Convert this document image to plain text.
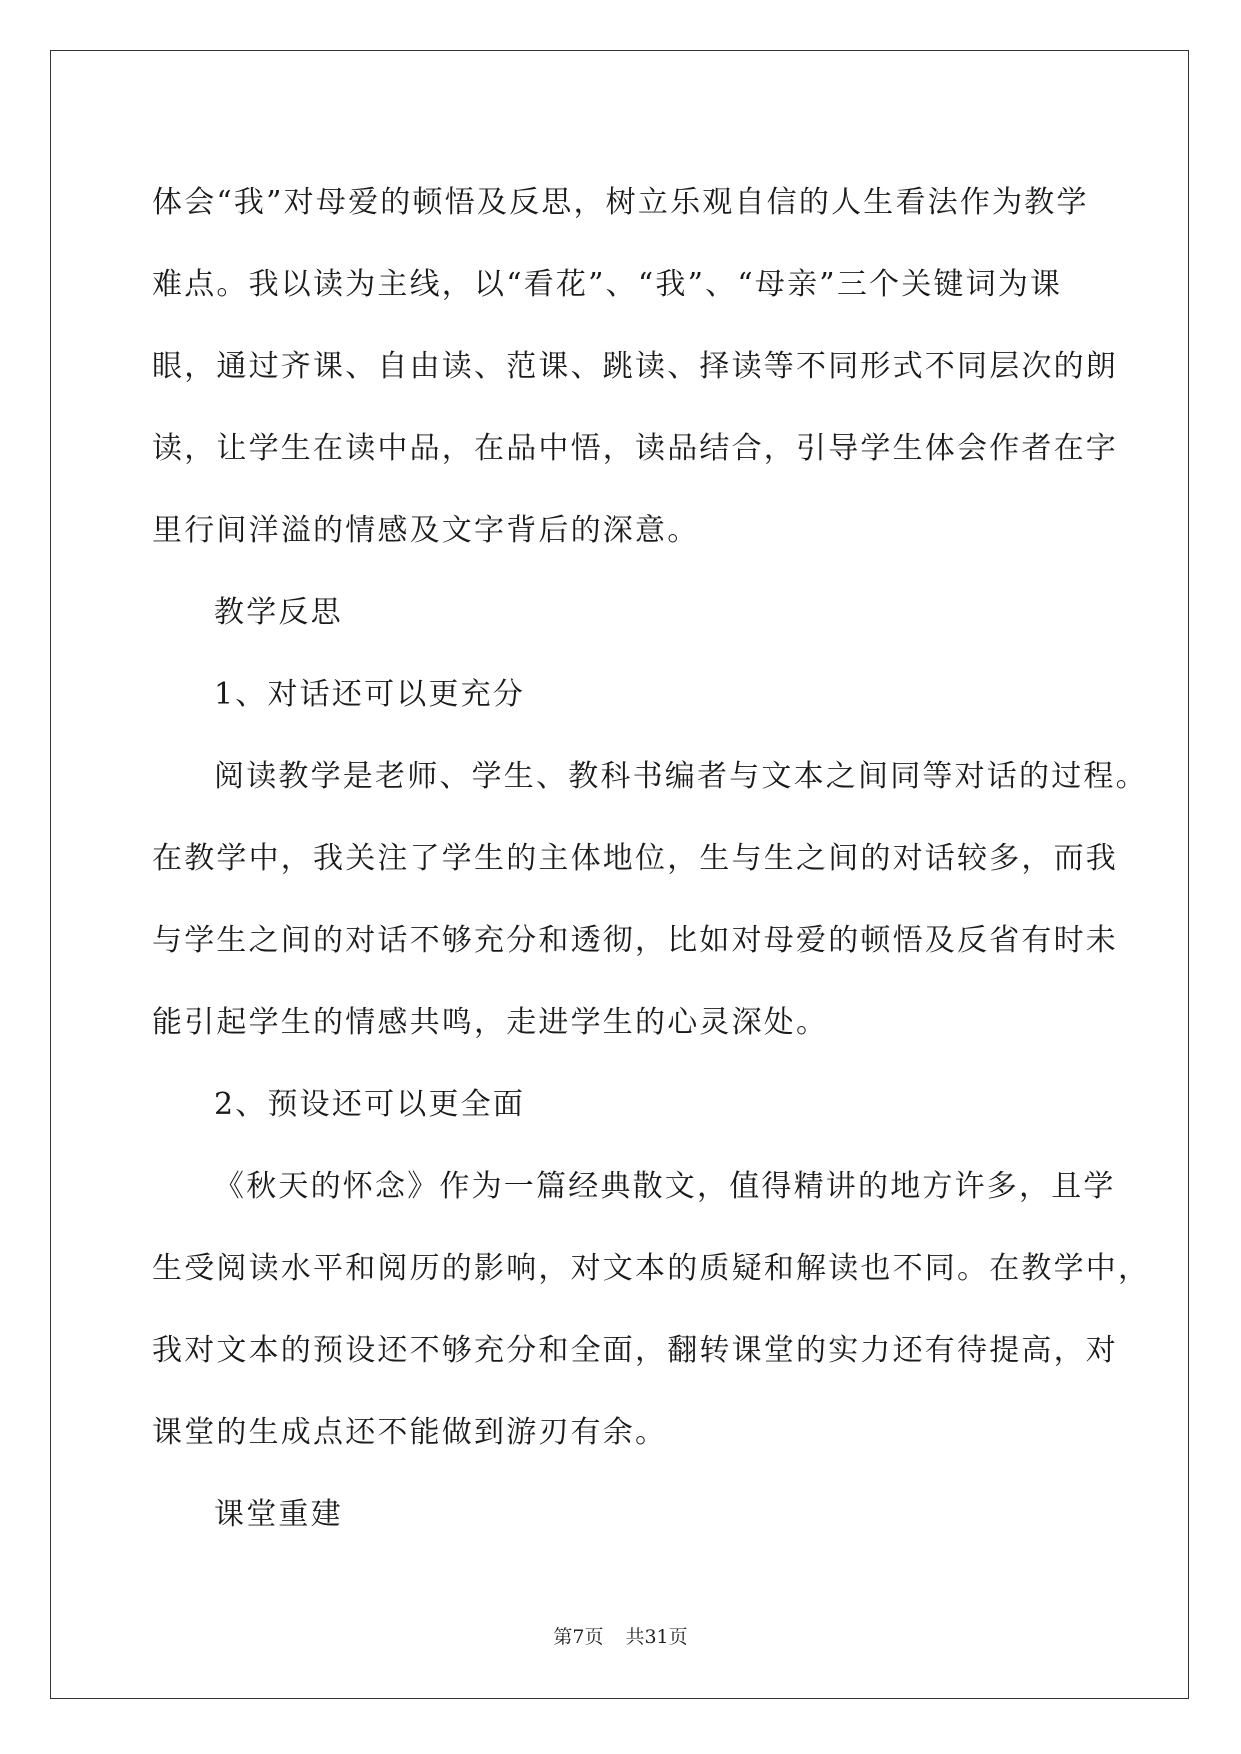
体会“我”对母爱的顿悟及反思，树立乐观自信的人生看法作为教学
难点。我以读为主线，以“看花”、“我”、“母亲”三个关键词为课
眼，通过齐课、自由读、范课、跳读、择读等不同形式不同层次的朗
读，让学生在读中品，在品中悟，读品结合，引导学生体会作者在字
里行间洋溢的情感及文字背后的深意。
教学反思
1、对话还可以更充分
阅读教学是老师、学生、教科书编者与文本之间同等对话的过程。
在教学中，我关注了学生的主体地位，生与生之间的对话较多，而我
与学生之间的对话不够充分和透彻，比如对母爱的顿悟及反省有时未
能引起学生的情感共鸣，走进学生的心灵深处。
2、预设还可以更全面
《秋天的怀念》作为一篇经典散文，值得精讲的地方许多，且学
生受阅读水平和阅历的影响，对文本的质疑和解读也不同。在教学中，
我对文本的预设还不够充分和全面，翻转课堂的实力还有待提高，对
课堂的生成点还不能做到游刃有余。
课堂重建
第7页 共31页
